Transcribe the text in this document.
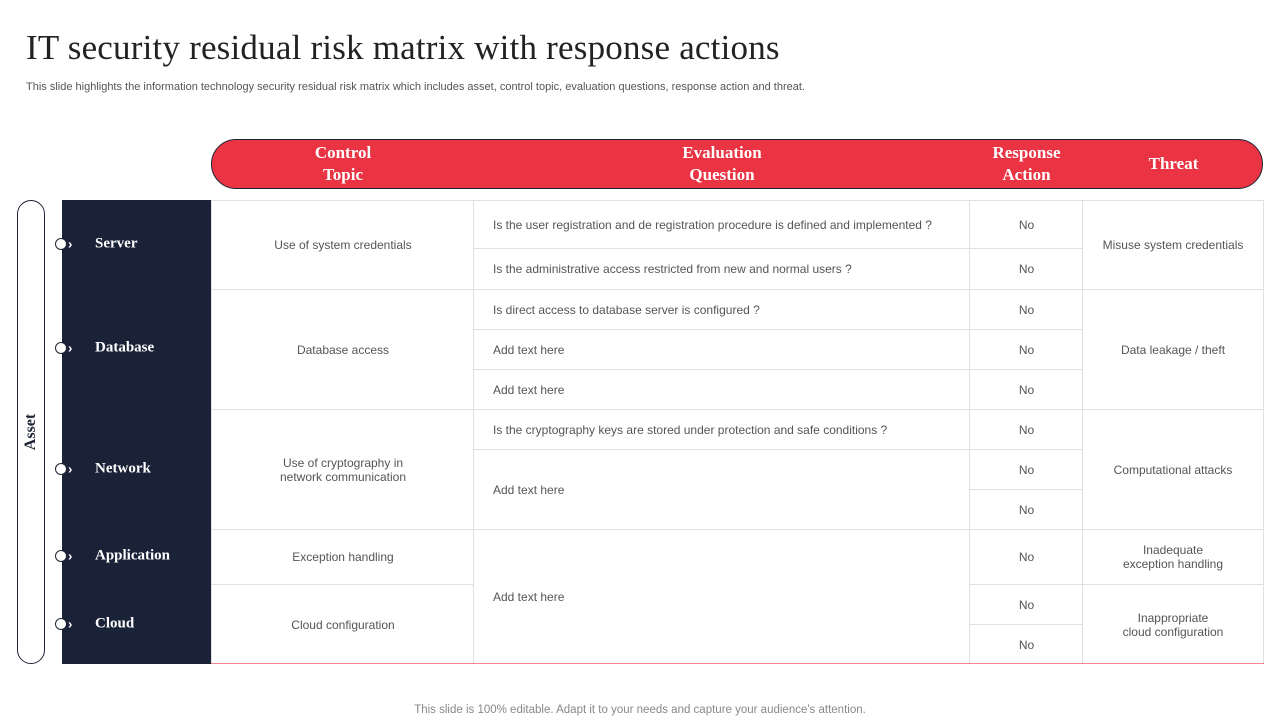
IT security residual risk matrix with response actions
This slide highlights the information technology security residual risk matrix which includes asset, control topic, evaluation questions, response action and threat.
Control
Topic
Evaluation
Question
Response
Action
Threat
Asset
› Server
› Database
› Network
› Application
› Cloud
Use of system credentials
Database access
Use of cryptography in
network communication
Exception handling
Cloud configuration
Is the user registration and de registration procedure is defined and implemented ?
Is the administrative access restricted from new and normal users ?
Is direct access to database server is configured ?
Add text here
Add text here
Is the cryptography keys are stored under protection and safe conditions ?
Add text here
Add text here
No
No
No
No
No
No
No
No
No
No
No
Misuse system credentials
Data leakage / theft
Computational attacks
Inadequate
exception handling
Inappropriate
cloud configuration
This slide is 100% editable. Adapt it to your needs and capture your audience's attention.
